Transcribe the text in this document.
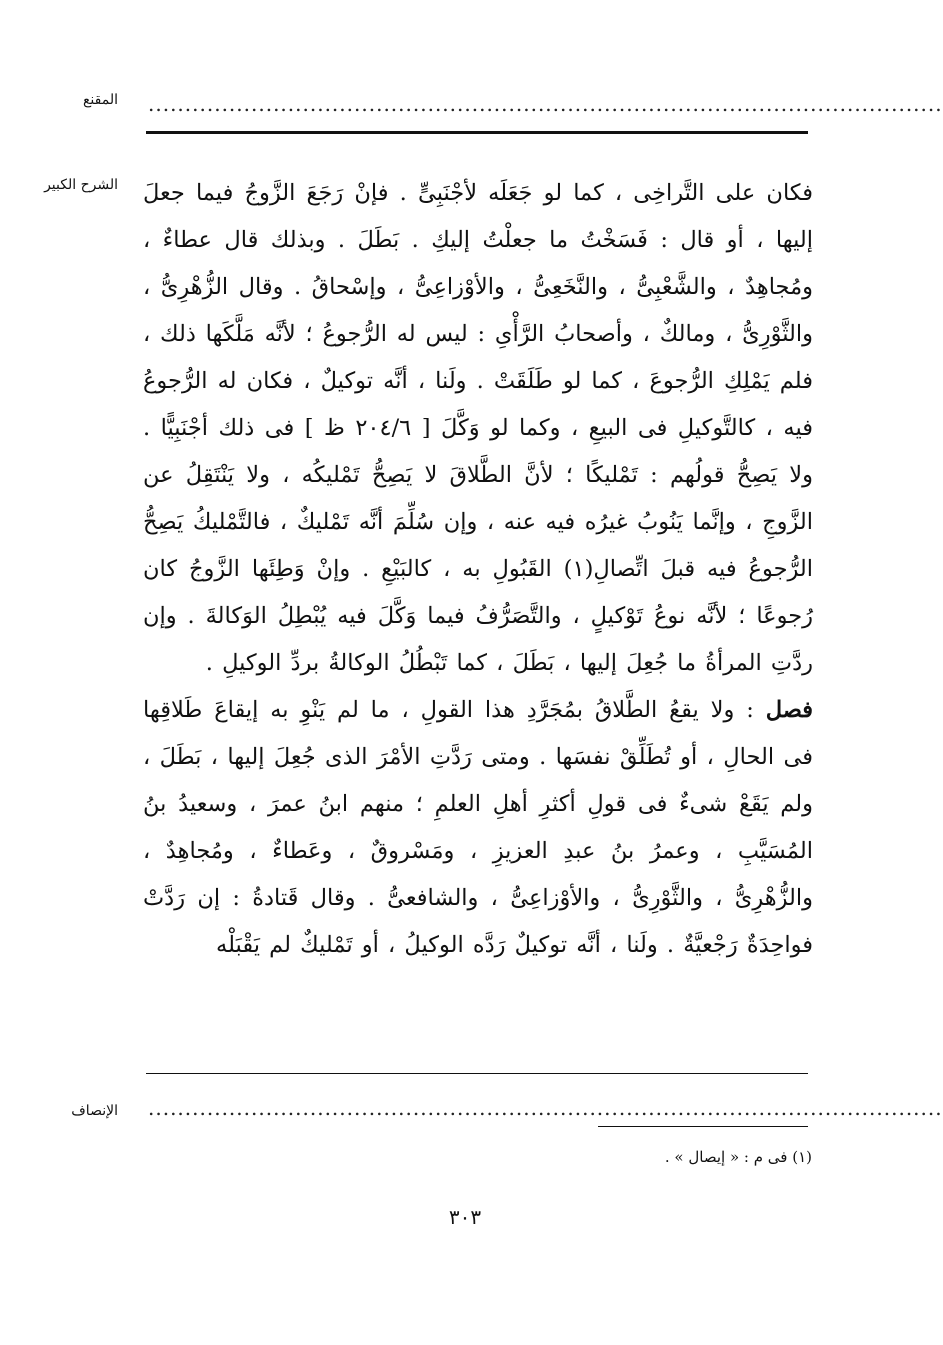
المقنع ............................................................................................................
الشرح الكبير فكان على التَّراخِى ، كما لو جَعَلَه لأجْنَبِىٍّ . فإنْ رَجَعَ الزَّوجُ فيما جعلَ إليها ، أو قال : فَسَخْتُ ما جعلْتُ إليكِ . بَطَلَ . وبذلك قال عطاءٌ ، ومُجاهِدٌ ، والشَّعْبِىُّ ، والنَّخَعِىُّ ، والأوْزاعِىُّ ، وإسْحاقُ . وقال الزُّهْرِىُّ ، والثَّوْرِىُّ ، ومالكٌ ، وأصحابُ الرَّأْىِ : ليس له الرُّجوعُ ؛ لأنَّه مَلَّكَها ذلك ، فلم يَمْلِكِ الرُّجوعَ ، كما لو طَلَقَتْ . ولَنا ، أنَّه توكيلٌ ، فكان له الرُّجوعُ فيه ، كالتَّوكيلِ فى البيعِ ، وكما لو وَكَّلَ [ ٢٠٤/٦ ظ ] فى ذلك أجْنَبِيًّا . ولا يَصِحُّ قولُهم : تَمْليكًا ؛ لأنَّ الطَّلاقَ لا يَصِحُّ تَمْليكُه ، ولا يَنْتَقِلُ عن الزَّوجِ ، وإنَّما يَنُوبُ غيرُه فيه عنه ، وإن سُلِّمَ أنَّه تَمْليكٌ ، فالتَّمْليكُ يَصِحُّ الرُّجوعُ فيه قبلَ اتِّصالِ(١) القَبُولِ به ، كالبَيْعِ . وإنْ وَطِئَها الزَّوجُ كان رُجوعًا ؛ لأنَّه نوعُ تَوْكيلٍ ، والتَّصَرُّفُ فيما وَكَّلَ فيه يُبْطِلُ الوَكالةَ . وإن ردَّتِ المرأةُ ما جُعِلَ إليها ، بَطَلَ ، كما تَبْطُلُ الوكالةُ بردِّ الوكيلِ .

فصل : ولا يقعُ الطَّلاقُ بمُجَرَّدِ هذا القولِ ، ما لم يَنْوِ به إيقاعَ طَلاقِها فى الحالِ ، أو تُطَلِّقْ نفسَها . ومتى رَدَّتِ الأمْرَ الذى جُعِلَ إليها ، بَطَلَ ، ولم يَقَعْ شىءٌ فى قولِ أكثرِ أهلِ العلمِ ؛ منهم ابنُ عمرَ ، وسعيدُ بنُ المُسَيَّبِ ، وعمرُ بنُ عبدِ العزيزِ ، ومَسْروقٌ ، وعَطاءٌ ، ومُجاهِدٌ ، والزُّهْرِىُّ ، والثَّوْرِىُّ ، والأوْزاعِىُّ ، والشافعىُّ . وقال قَتادةُ : إن رَدَّتْ فواحِدَةٌ رَجْعيَّةٌ . ولَنا ، أنَّه توكيلٌ رَدَّه الوكيلُ ، أو تَمْليكٌ لم يَقْبَلْه

الإنصاف ............................................................................................................
(١) فى م : « إيصال » .
٣٠٣
